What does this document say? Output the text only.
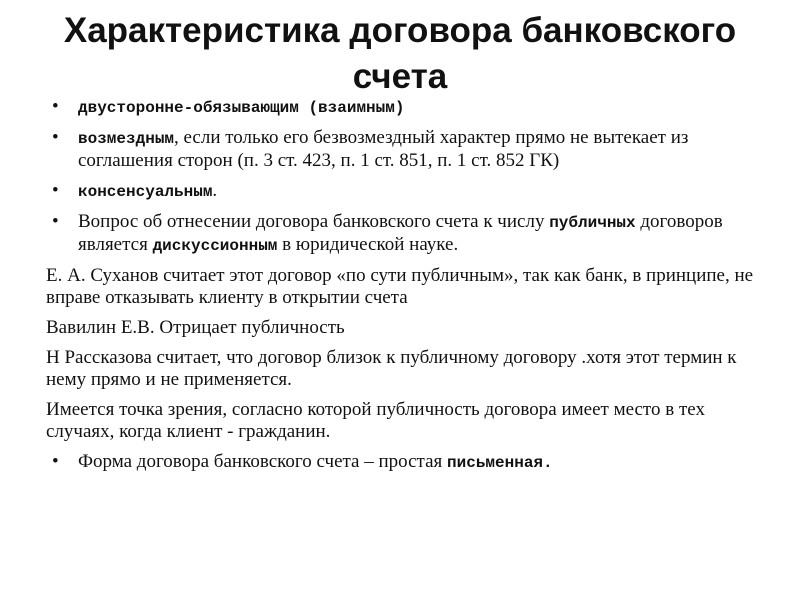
Характеристика договора банковского
счета
• двусторонне-обязывающим (взаимным)
• возмездным, если только его безвозмездный характер прямо не вытекает из соглашения сторон (п. 3 ст. 423, п. 1 ст. 851, п. 1 ст. 852 ГК)
• консенсуальным.
• Вопрос об отнесении договора банковского счета к числу публичных договоров является дискуссионным в юридической науке.

Е. А. Суханов считает этот договор «по сути публичным», так как банк, в принципе, не вправе отказывать клиенту в открытии счета

Вавилин Е.В. Отрицает публичность

Н Рассказова считает, что договор близок к публичному договору .хотя этот термин к нему прямо и не применяется.

Имеется точка зрения, согласно которой публичность договора имеет место в тех случаях, когда клиент - гражданин.

• Форма договора банковского счета – простая письменная.
